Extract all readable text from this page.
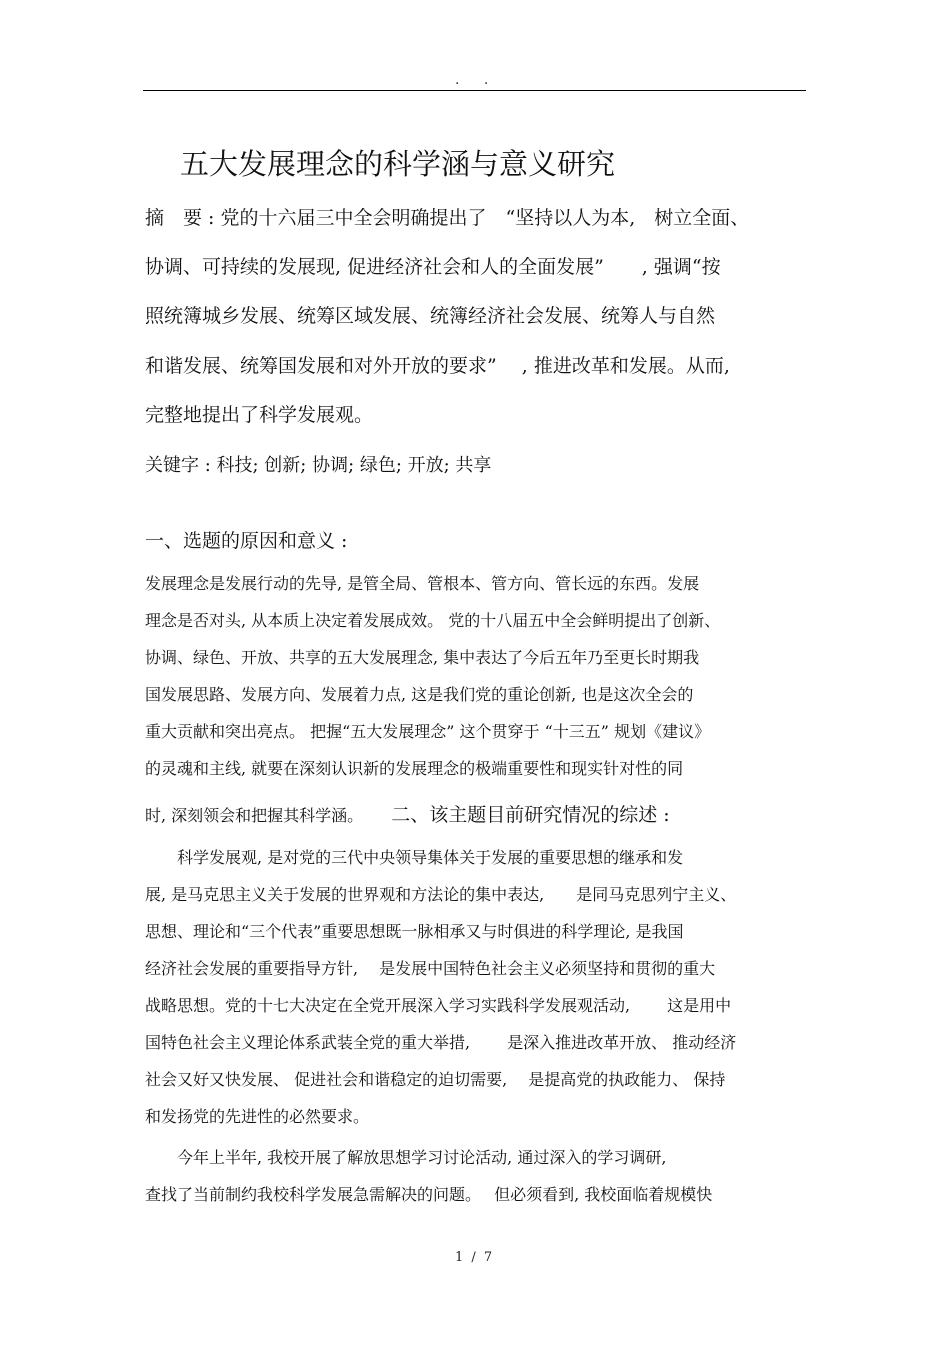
. .
五大发展理念的科学涵与意义研究
摘　要 : 党的十六届三中全会明确提出了　“坚持以人为本,　树立全面、
协调、可持续的发展现, 促进经济社会和人的全面发展”　　, 强调“按
照统簿城乡发展、统筹区域发展、统簿经济社会发展、统筹人与自然
和谐发展、统筹国发展和对外开放的要求”　 , 推进改革和发展。从而,
完整地提出了科学发展观。
关键字 : 科技; 创新; 协调; 绿色; 开放; 共享
一、选题的原因和意义 :
发展理念是发展行动的先导, 是管全局、管根本、管方向、管长远的东西。发展
理念是否对头, 从本质上决定着发展成效。 党的十八届五中全会鲜明提出了创新、
协调、绿色、开放、共享的五大发展理念, 集中表达了今后五年乃至更长时期我
国发展思路、发展方向、发展着力点, 这是我们党的重论创新, 也是这次全会的
重大贡献和突出亮点。 把握“五大发展理念” 这个贯穿于 “十三五” 规划《建议》
的灵魂和主线, 就要在深刻认识新的发展理念的极端重要性和现实针对性的同
时, 深刻领会和把握其科学涵。 二、该主题目前研究情况的综述 :
　　科学发展观, 是对党的三代中央领导集体关于发展的重要思想的继承和发
展, 是马克思主义关于发展的世界观和方法论的集中表达,　　是同马克思列宁主义、
思想、理论和“三个代表”重要思想既一脉相承又与时俱进的科学理论, 是我国
经济社会发展的重要指导方针,　 是发展中国特色社会主义必须坚持和贯彻的重大
战略思想。党的十七大决定在全党开展深入学习实践科学发展观活动,　　 这是用中
国特色社会主义理论体系武装全党的重大举措,　　 是深入推进改革开放、 推动经济
社会又好又快发展、 促进社会和谐稳定的迫切需要,　 是提高党的执政能力、 保持
和发扬党的先进性的必然要求。
　　今年上半年, 我校开展了解放思想学习讨论活动, 通过深入的学习调研,
查找了当前制约我校科学发展急需解决的问题。　 但必须看到, 我校面临着规模快
1 / 7
